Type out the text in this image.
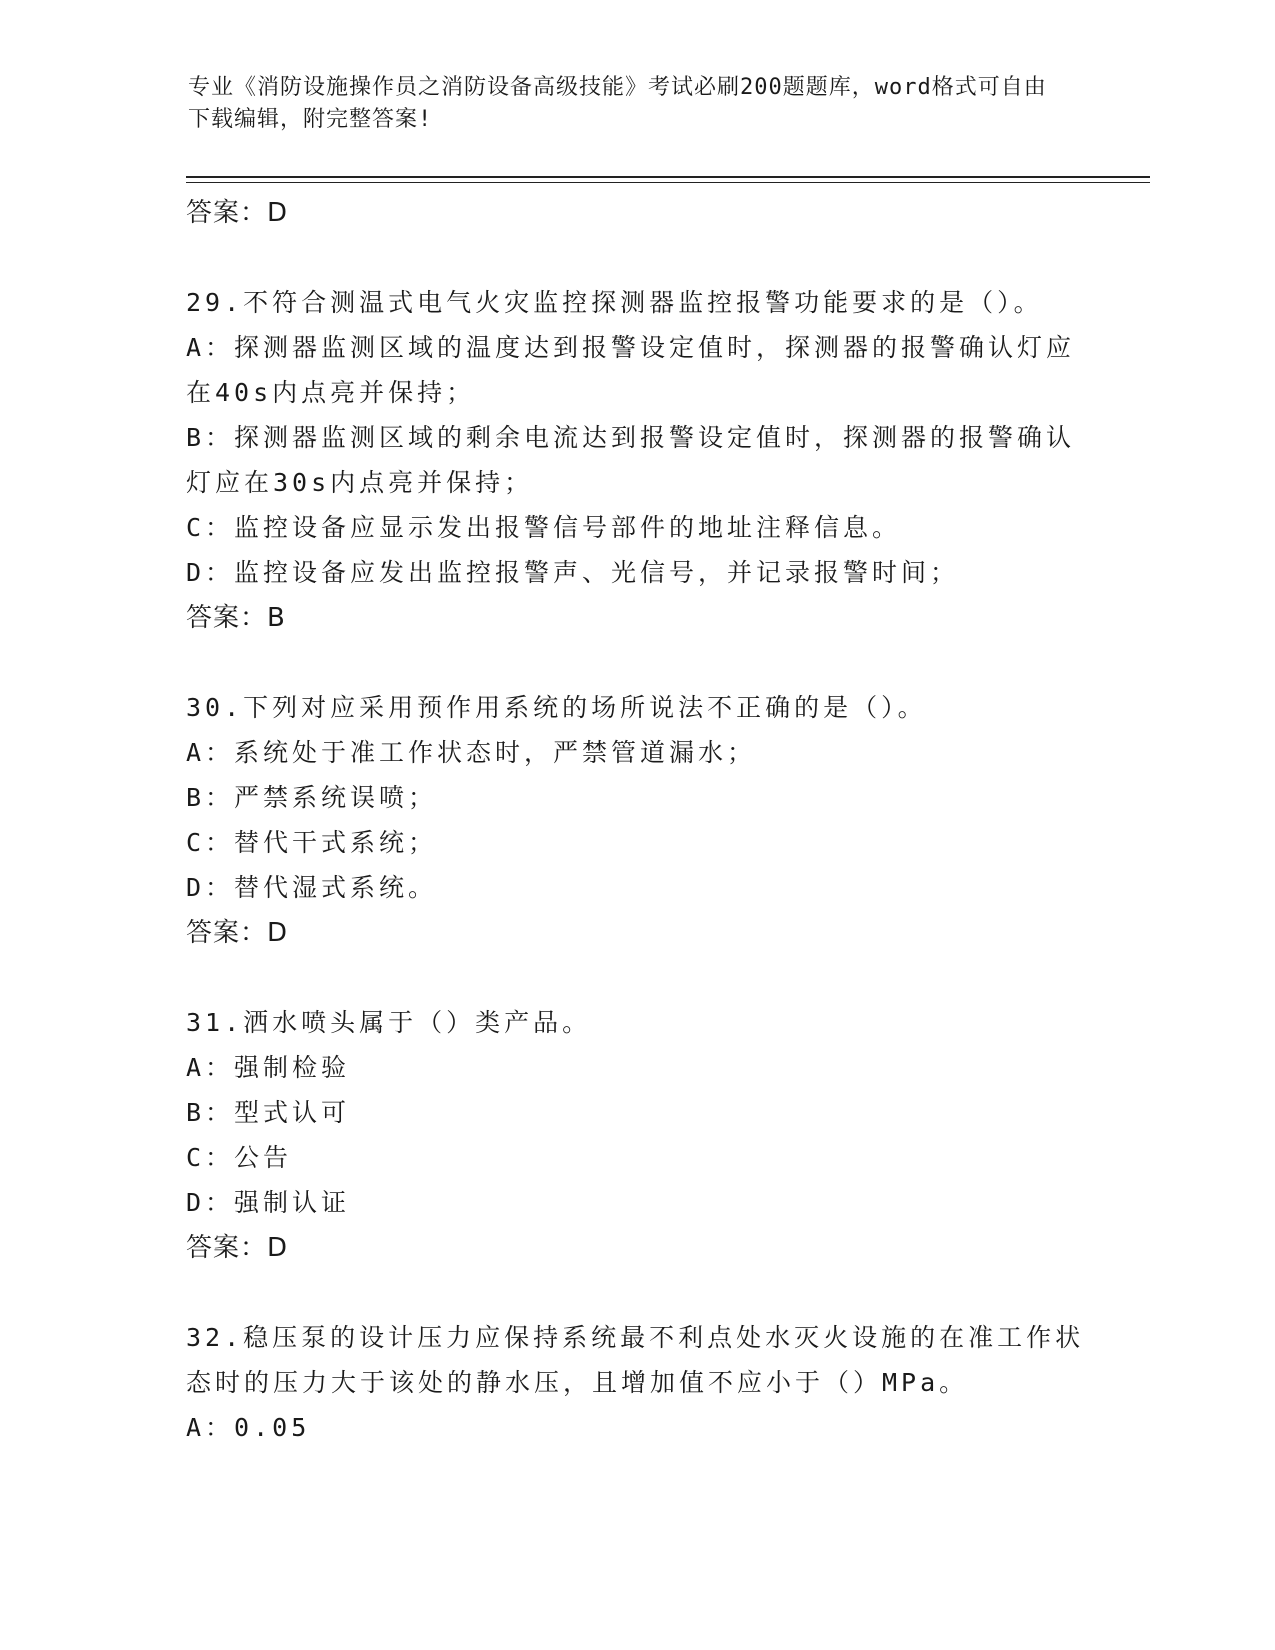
专业《消防设施操作员之消防设备高级技能》考试必刷200题题库，word格式可自由下载编辑，附完整答案!
答案：D
29.不符合测温式电气火灾监控探测器监控报警功能要求的是（）。
A：探测器监测区域的温度达到报警设定值时，探测器的报警确认灯应在40s内点亮并保持；
B：探测器监测区域的剩余电流达到报警设定值时，探测器的报警确认灯应在30s内点亮并保持；
C：监控设备应显示发出报警信号部件的地址注释信息。
D：监控设备应发出监控报警声、光信号，并记录报警时间；
答案：B
30.下列对应采用预作用系统的场所说法不正确的是（）。
A：系统处于准工作状态时，严禁管道漏水；
B：严禁系统误喷；
C：替代干式系统；
D：替代湿式系统。
答案：D
31.洒水喷头属于（）类产品。
A：强制检验
B：型式认可
C：公告
D：强制认证
答案：D
32.稳压泵的设计压力应保持系统最不利点处水灭火设施的在准工作状态时的压力大于该处的静水压，且增加值不应小于（）MPa。
A：0.05
